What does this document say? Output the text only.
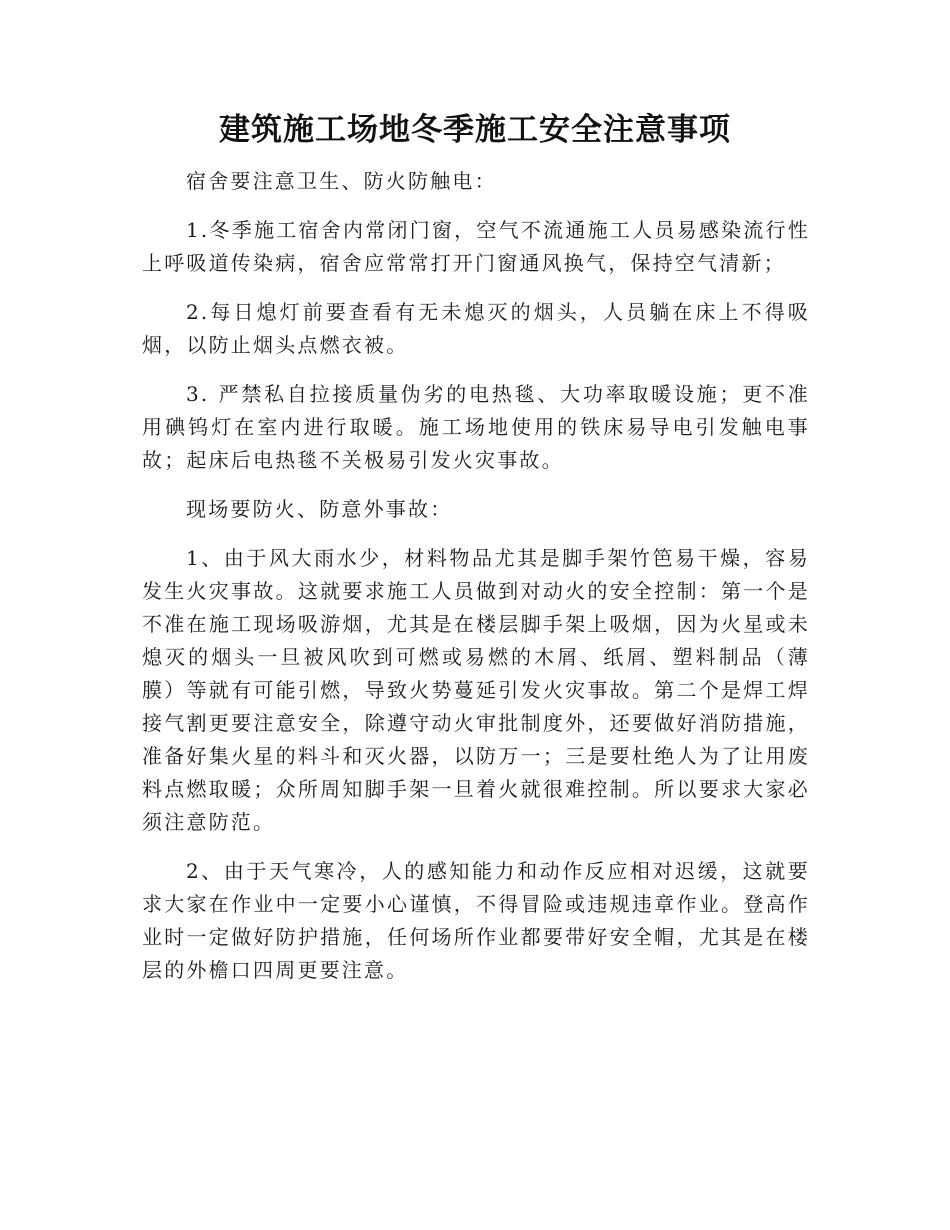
建筑施工场地冬季施工安全注意事项

宿舍要注意卫生、防火防触电：

1.冬季施工宿舍内常闭门窗，空气不流通施工人员易感染流行性上呼吸道传染病，宿舍应常常打开门窗通风换气，保持空气清新；

2.每日熄灯前要查看有无未熄灭的烟头，人员躺在床上不得吸烟，以防止烟头点燃衣被。

3. 严禁私自拉接质量伪劣的电热毯、大功率取暖设施；更不准用碘钨灯在室内进行取暖。施工场地使用的铁床易导电引发触电事故；起床后电热毯不关极易引发火灾事故。

现场要防火、防意外事故：

1、由于风大雨水少，材料物品尤其是脚手架竹笆易干燥，容易发生火灾事故。这就要求施工人员做到对动火的安全控制：第一个是不准在施工现场吸游烟，尤其是在楼层脚手架上吸烟，因为火星或未熄灭的烟头一旦被风吹到可燃或易燃的木屑、纸屑、塑料制品（薄膜）等就有可能引燃，导致火势蔓延引发火灾事故。第二个是焊工焊接气割更要注意安全，除遵守动火审批制度外，还要做好消防措施，准备好集火星的料斗和灭火器，以防万一；三是要杜绝人为了让用废料点燃取暖；众所周知脚手架一旦着火就很难控制。所以要求大家必须注意防范。

2、由于天气寒冷，人的感知能力和动作反应相对迟缓，这就要求大家在作业中一定要小心谨慎，不得冒险或违规违章作业。登高作业时一定做好防护措施，任何场所作业都要带好安全帽，尤其是在楼层的外檐口四周更要注意。
